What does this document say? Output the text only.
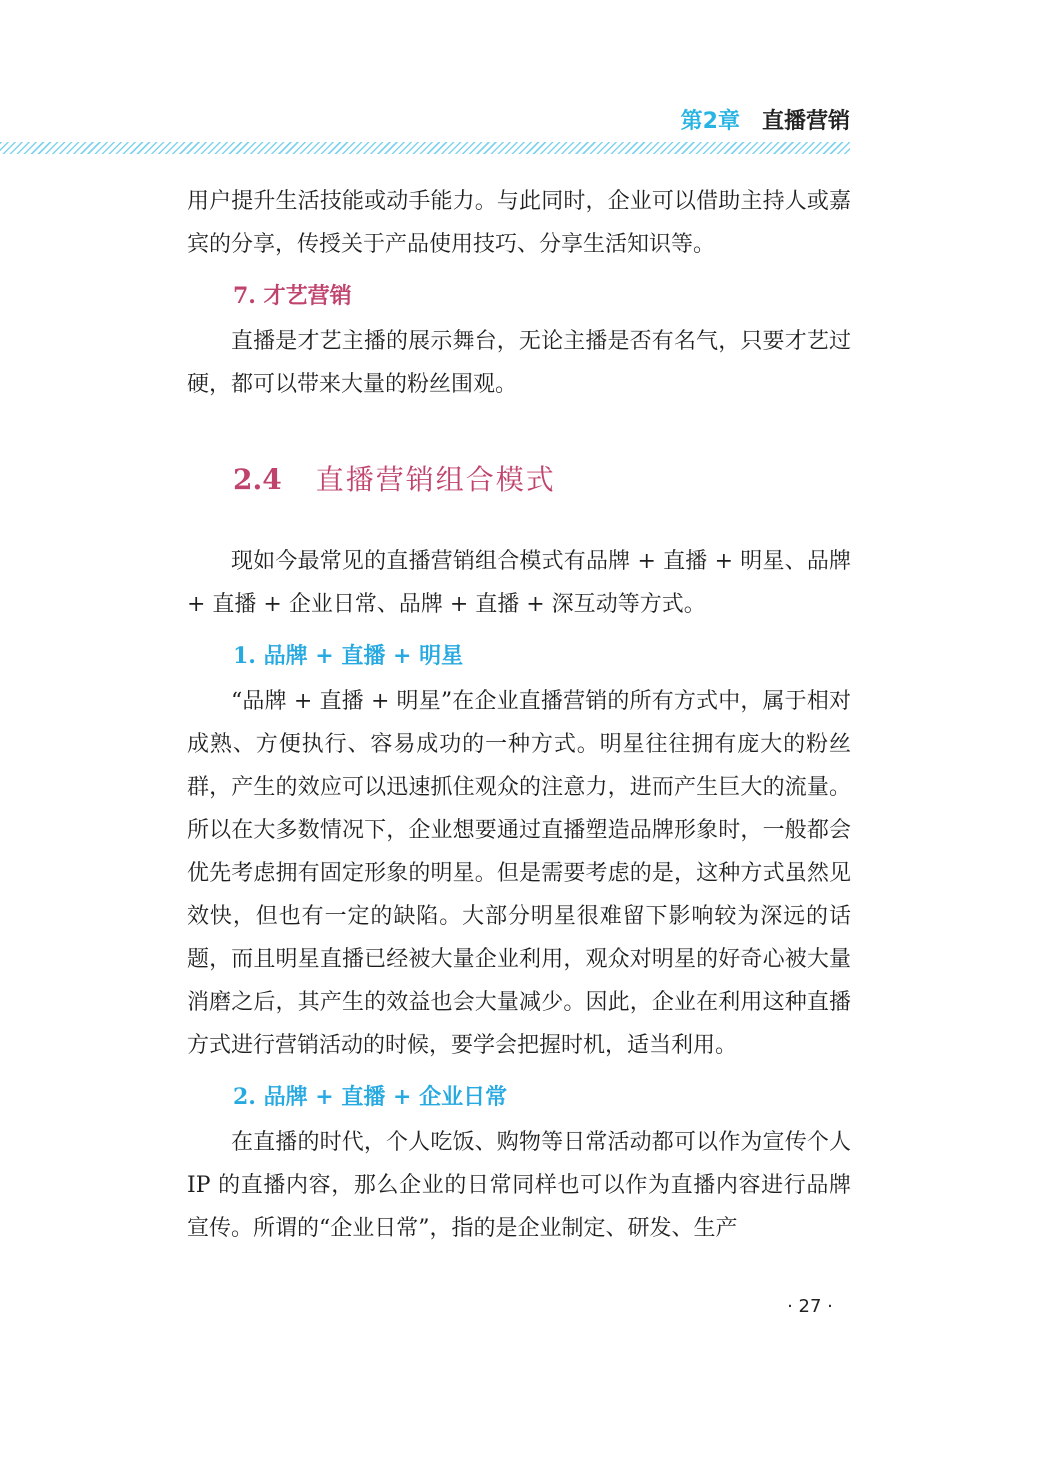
第2章 直播营销

用户提升生活技能或动手能力。与此同时，企业可以借助主持人或嘉宾的分享，传授关于产品使用技巧、分享生活知识等。

7. 才艺营销

直播是才艺主播的展示舞台，无论主播是否有名气，只要才艺过硬，都可以带来大量的粉丝围观。

2.4 直播营销组合模式

现如今最常见的直播营销组合模式有品牌 + 直播 + 明星、品牌 + 直播 + 企业日常、品牌 + 直播 + 深互动等方式。

1. 品牌 + 直播 + 明星

“品牌 + 直播 + 明星”在企业直播营销的所有方式中，属于相对成熟、方便执行、容易成功的一种方式。明星往往拥有庞大的粉丝群，产生的效应可以迅速抓住观众的注意力，进而产生巨大的流量。所以在大多数情况下，企业想要通过直播塑造品牌形象时，一般都会优先考虑拥有固定形象的明星。但是需要考虑的是，这种方式虽然见效快，但也有一定的缺陷。大部分明星很难留下影响较为深远的话题，而且明星直播已经被大量企业利用，观众对明星的好奇心被大量消磨之后，其产生的效益也会大量减少。因此，企业在利用这种直播方式进行营销活动的时候，要学会把握时机，适当利用。

2. 品牌 + 直播 + 企业日常

在直播的时代，个人吃饭、购物等日常活动都可以作为宣传个人 IP 的直播内容，那么企业的日常同样也可以作为直播内容进行品牌宣传。所谓的“企业日常”，指的是企业制定、研发、生产

· 27 ·
